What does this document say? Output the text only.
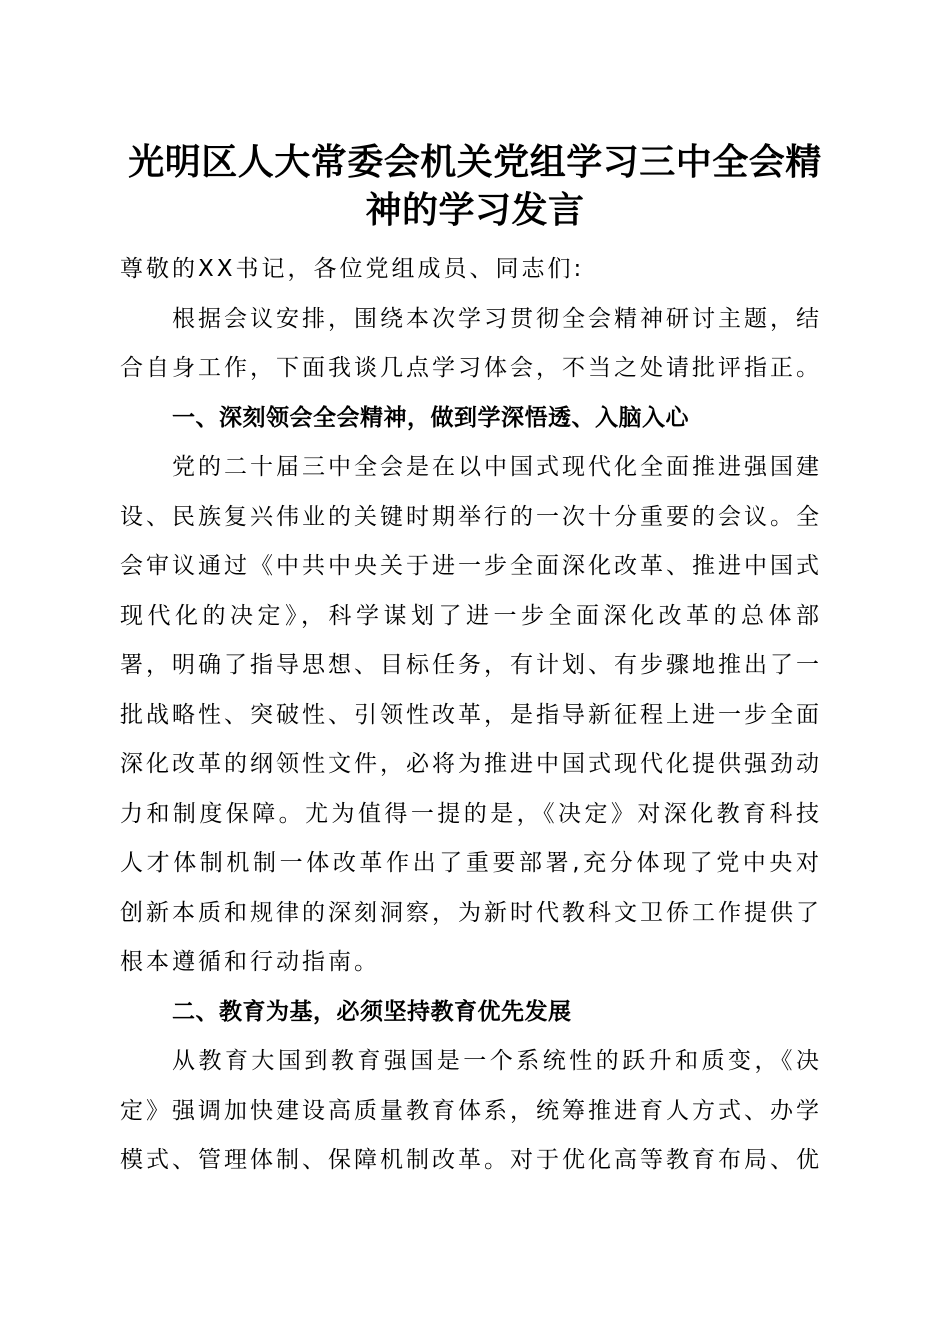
光明区人大常委会机关党组学习三中全会精
神的学习发言

尊敬的XX书记，各位党组成员、同志们:

根据会议安排，围绕本次学习贯彻全会精神研讨主题，结合自身工作，下面我谈几点学习体会，不当之处请批评指正。

一、深刻领会全会精神，做到学深悟透、入脑入心

党的二十届三中全会是在以中国式现代化全面推进强国建设、民族复兴伟业的关键时期举行的一次十分重要的会议。全会审议通过《中共中央关于进一步全面深化改革、推进中国式现代化的决定》，科学谋划了进一步全面深化改革的总体部署，明确了指导思想、目标任务，有计划、有步骤地推出了一批战略性、突破性、引领性改革，是指导新征程上进一步全面深化改革的纲领性文件，必将为推进中国式现代化提供强劲动力和制度保障。尤为值得一提的是，《决定》对深化教育科技人才体制机制一体改革作出了重要部署,充分体现了党中央对创新本质和规律的深刻洞察，为新时代教科文卫侨工作提供了根本遵循和行动指南。

二、教育为基，必须坚持教育优先发展

从教育大国到教育强国是一个系统性的跃升和质变，《决定》强调加快建设高质量教育体系，统筹推进育人方式、办学模式、管理体制、保障机制改革。对于优化高等教育布局、优
